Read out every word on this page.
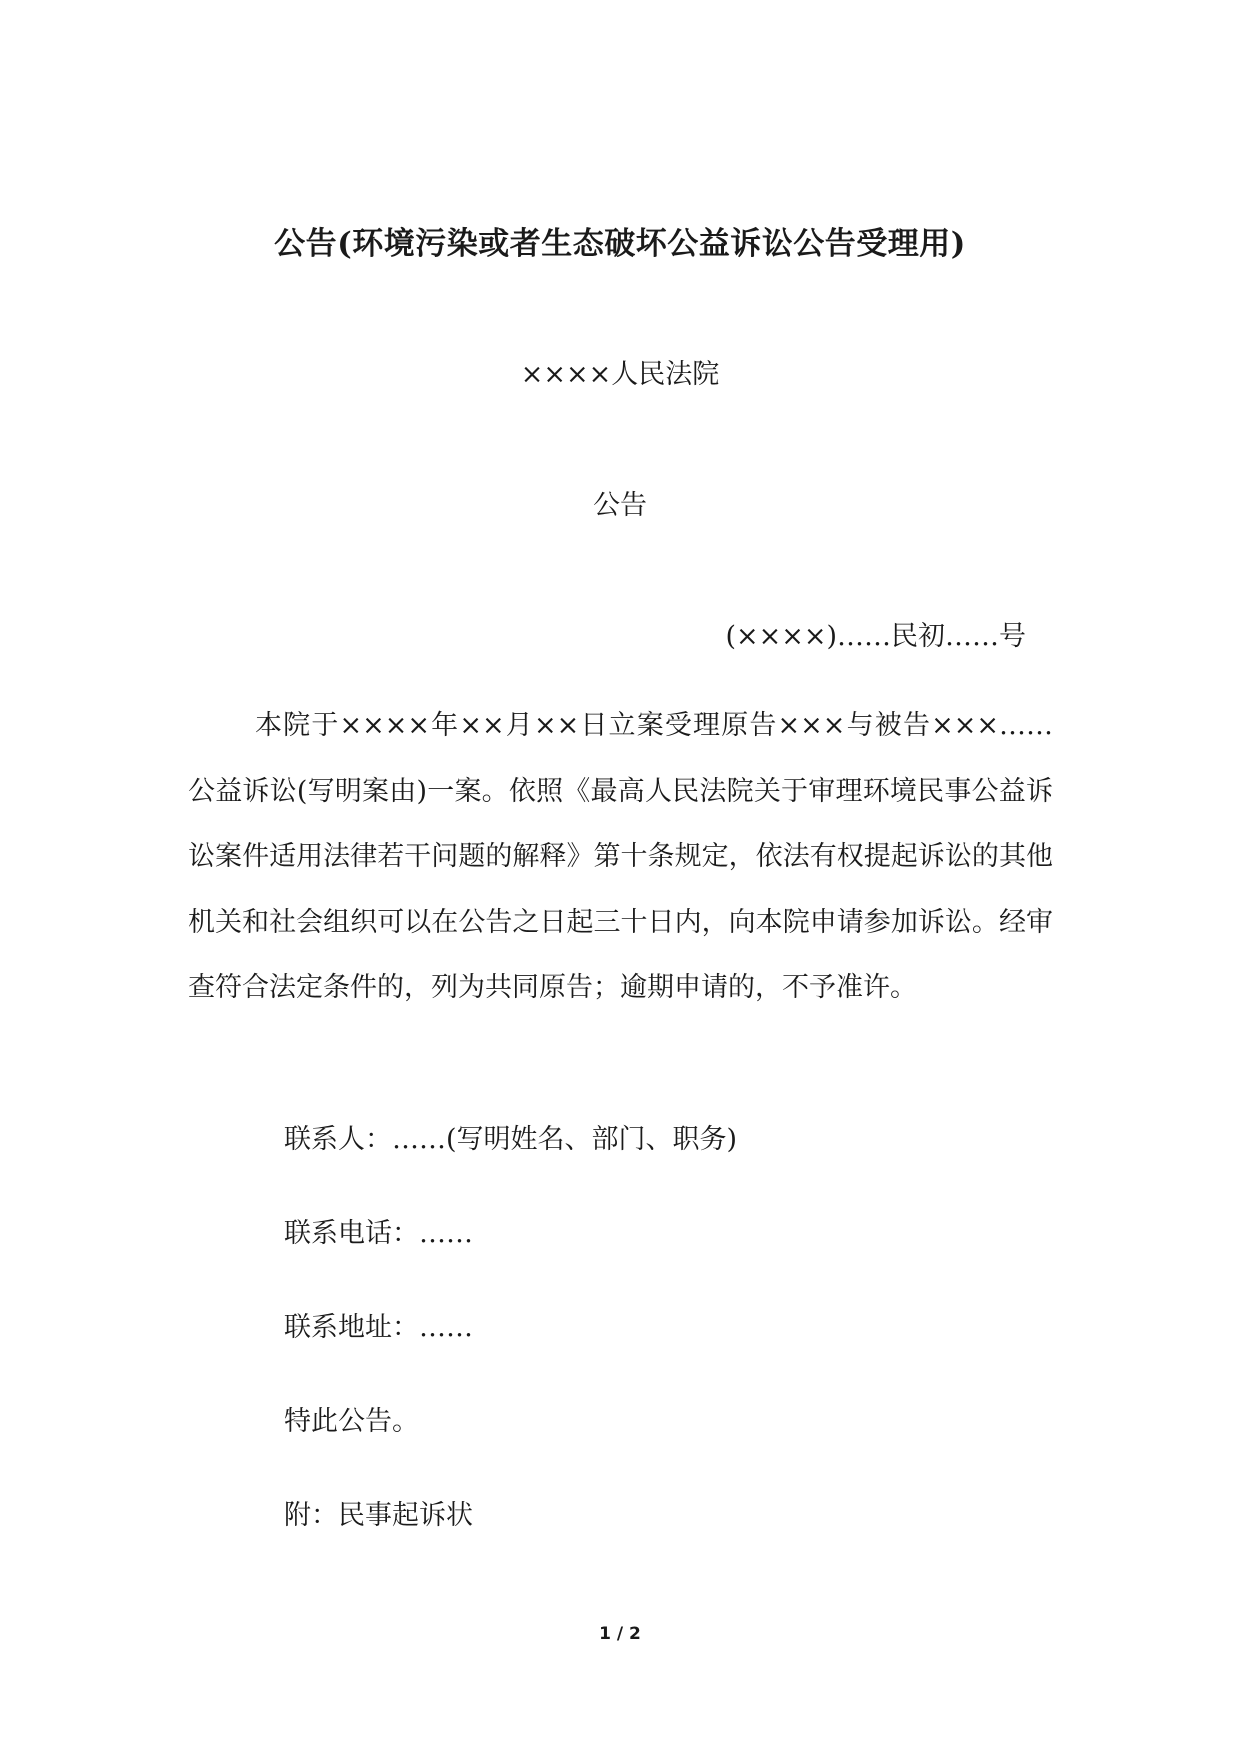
公告(环境污染或者生态破坏公益诉讼公告受理用)
××××人民法院
公告
(××××)……民初……号

本院于××××年××月××日立案受理原告×××与被告×××……公益诉讼(写明案由)一案。依照《最高人民法院关于审理环境民事公益诉讼案件适用法律若干问题的解释》第十条规定，依法有权提起诉讼的其他机关和社会组织可以在公告之日起三十日内，向本院申请参加诉讼。经审查符合法定条件的，列为共同原告；逾期申请的，不予准许。

联系人：……(写明姓名、部门、职务)
联系电话：……
联系地址：……
特此公告。
附：民事起诉状
1 / 2
